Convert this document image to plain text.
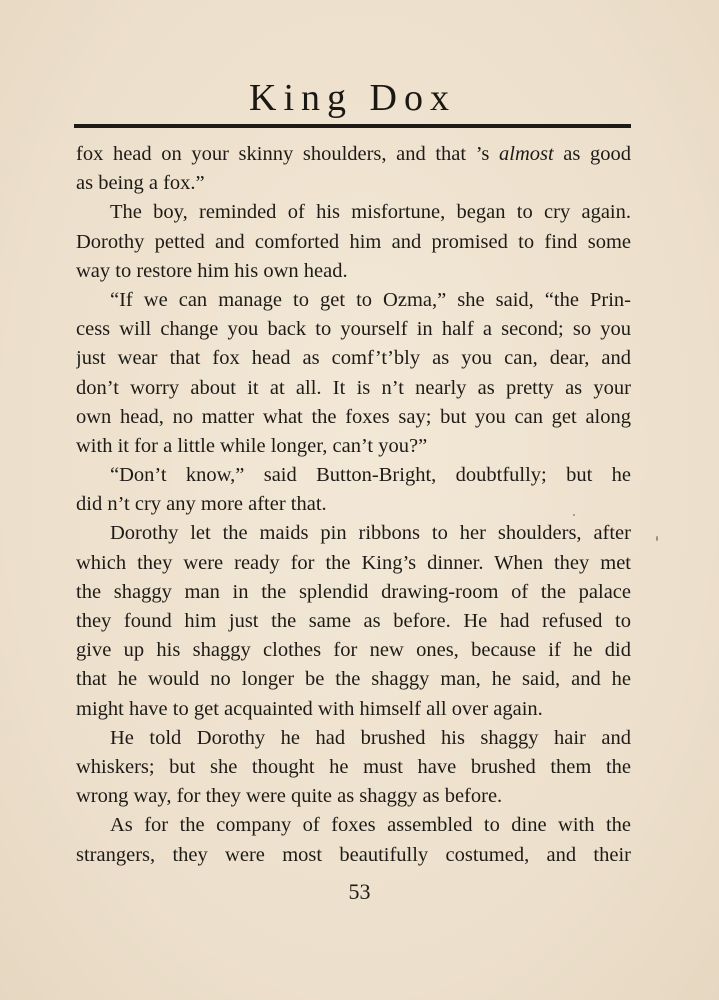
King Dox
fox head on your skinny shoulders, and that ’s almost as good
as being a fox.”
The boy, reminded of his misfortune, began to cry again.
Dorothy petted and comforted him and promised to find some
way to restore him his own head.
“If we can manage to get to Ozma,” she said, “the Prin-
cess will change you back to yourself in half a second; so you
just wear that fox head as comf’t’bly as you can, dear, and
don’t worry about it at all. It is n’t nearly as pretty as your
own head, no matter what the foxes say; but you can get along
with it for a little while longer, can’t you?”
“Don’t know,” said Button-Bright, doubtfully; but he
did n’t cry any more after that.
Dorothy let the maids pin ribbons to her shoulders, after
which they were ready for the King’s dinner. When they met
the shaggy man in the splendid drawing-room of the palace
they found him just the same as before. He had refused to
give up his shaggy clothes for new ones, because if he did
that he would no longer be the shaggy man, he said, and he
might have to get acquainted with himself all over again.
He told Dorothy he had brushed his shaggy hair and
whiskers; but she thought he must have brushed them the
wrong way, for they were quite as shaggy as before.
As for the company of foxes assembled to dine with the
strangers, they were most beautifully costumed, and their
53
